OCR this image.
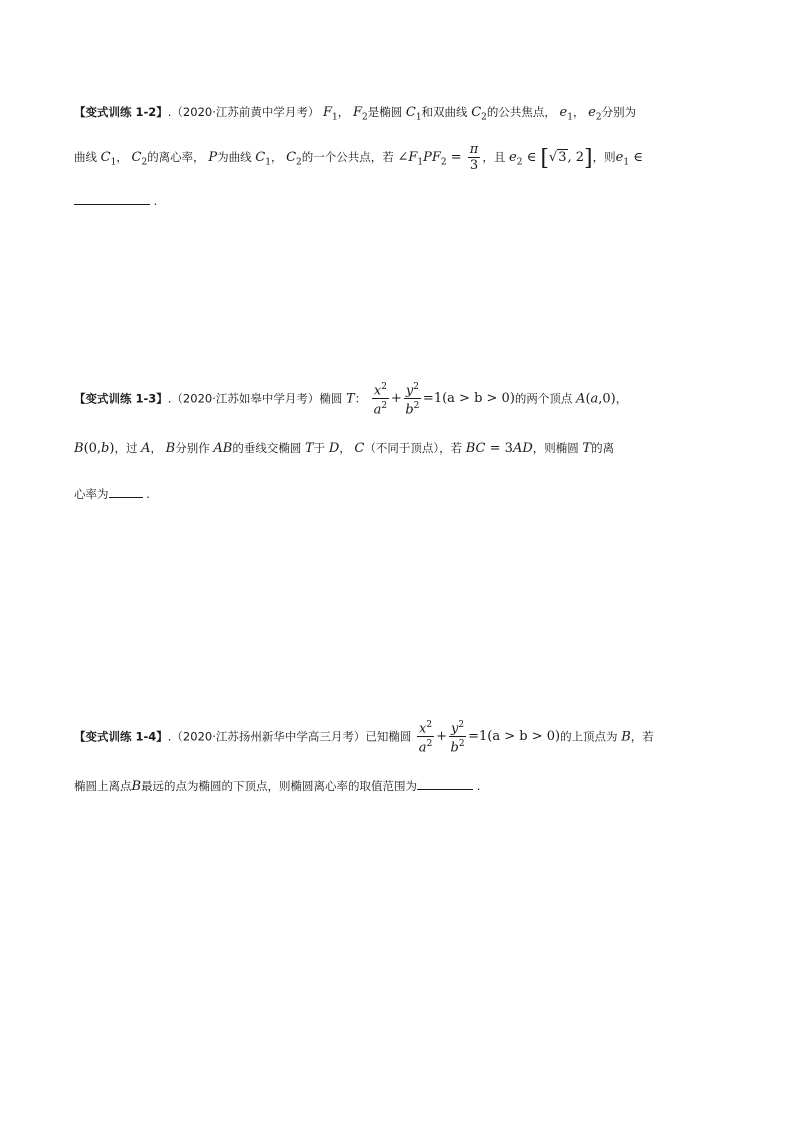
【变式训练 1-2】.（2020·江苏前黄中学月考） $F_1$， $F_2$是椭圆 $C_1$和双曲线 $C_2$的公共焦点， $e_1$， $e_2$分别为
曲线 $C_1$， $C_2$的离心率， P为曲线 $C_1$， $C_2$的一个公共点，若 $\angle F_1PF_2 = \frac{\pi}{3}$ ，且 $e_2$ ∈ [√3, 2]，则$e_1$ ∈
.
【变式训练 1-3】.（2020·江苏如皋中学月考）椭圆 T： $\frac{x^2}{a^2} + \frac{y^2}{b^2} =1(a > b > 0)$的两个顶点 A(a,0)，
B(0,b)，过 A， B分别作 AB的垂线交椭圆 T于 D， C（不同于顶点），若 BC = 3AD，则椭圆 T的离
心率为	.
【变式训练 1-4】.（2020·江苏扬州新华中学高三月考）已知椭圆 $\frac{x^2}{a^2} + \frac{y^2}{b^2} =1(a > b > 0)$的上顶点为 B，若
椭圆上离点B最远的点为椭圆的下顶点，则椭圆离心率的取值范围为	.
